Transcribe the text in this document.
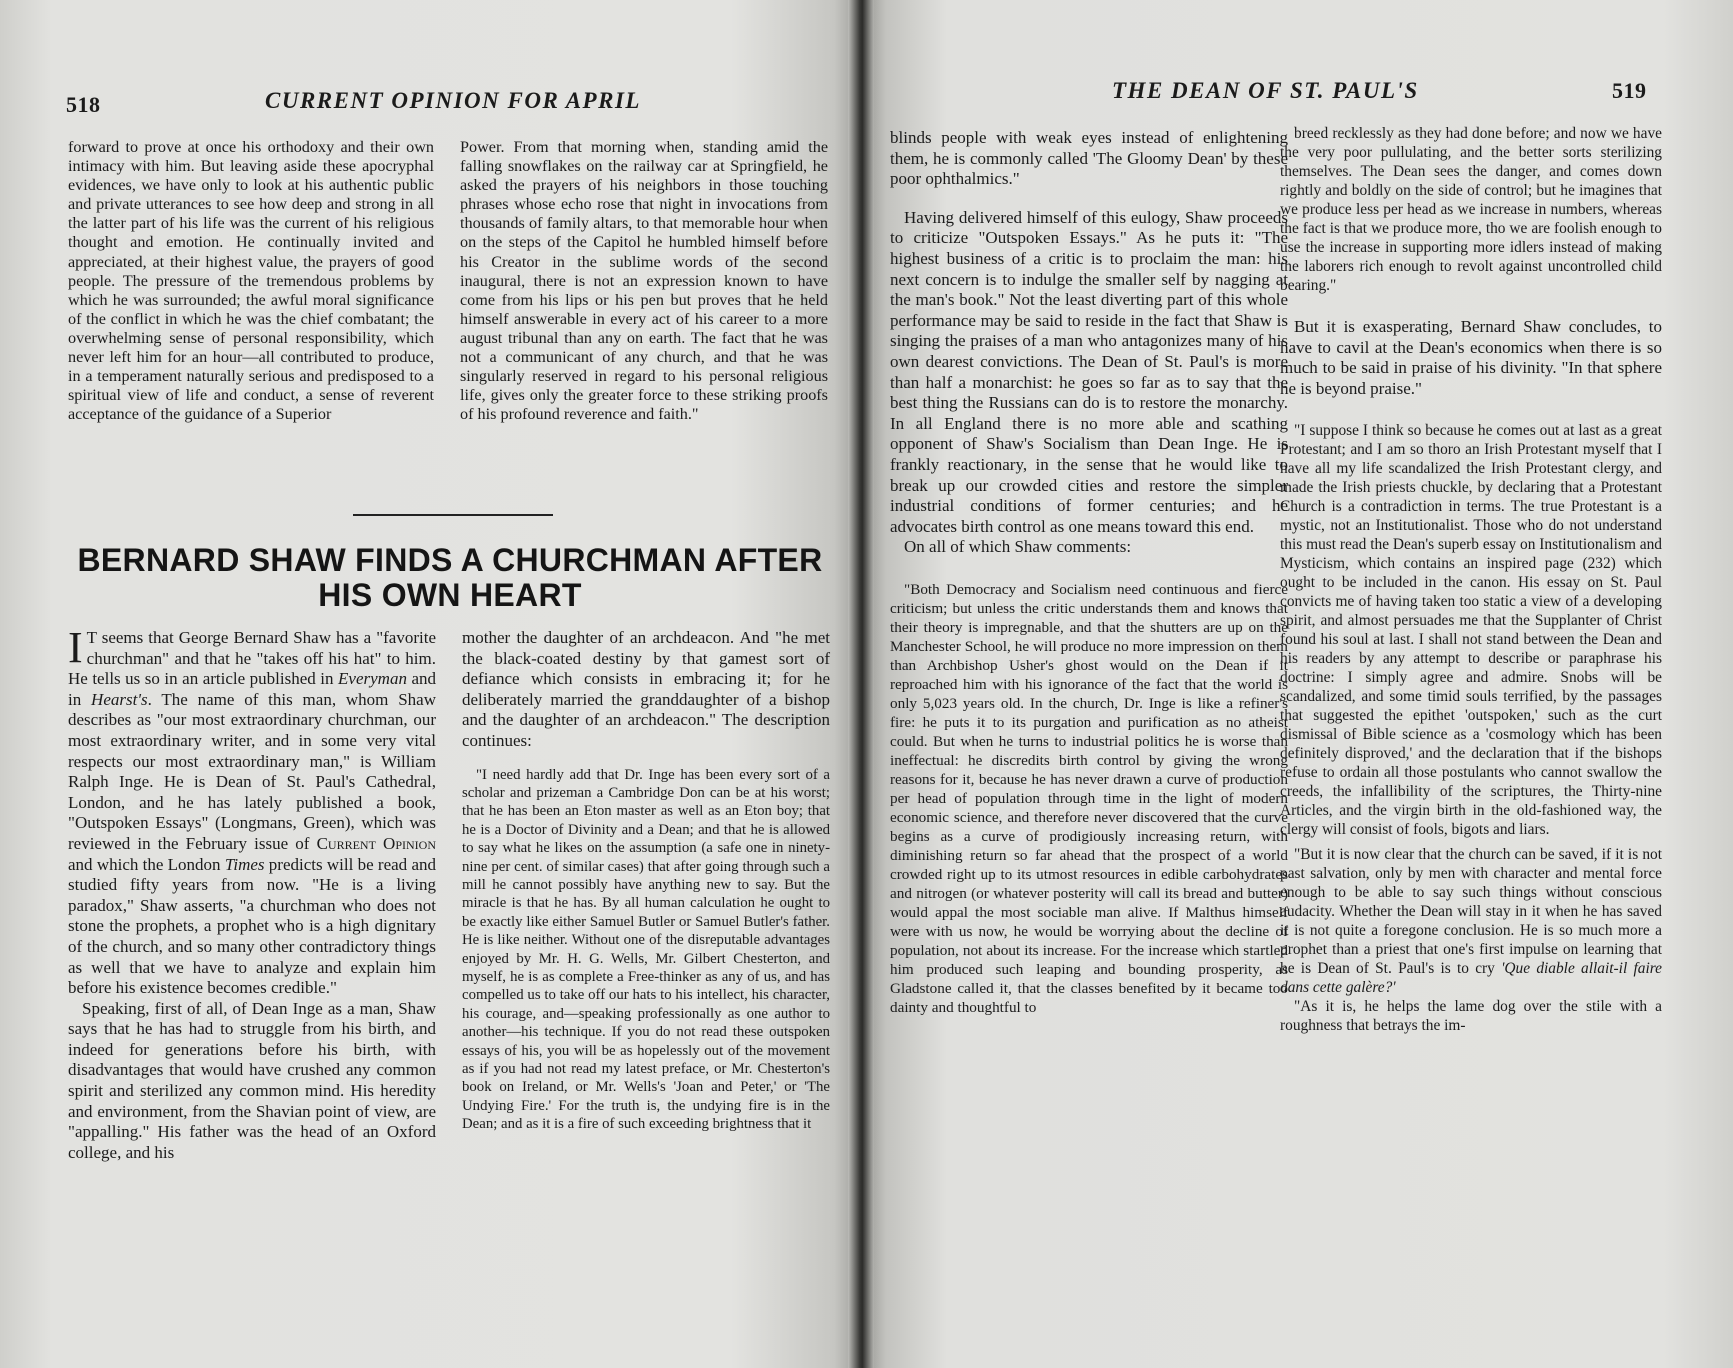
518	CURRENT OPINION FOR APRIL

forward to prove at once his orthodoxy and their own intimacy with him. But leaving aside these apocryphal evidences, we have only to look at his authentic public and private utterances to see how deep and strong in all the latter part of his life was the current of his religious thought and emotion. He continually invited and appreciated, at their highest value, the prayers of good people. The pressure of the tremendous problems by which he was surrounded; the awful moral significance of the conflict in which he was the chief combatant; the overwhelming sense of personal responsibility, which never left him for an hour—all contributed to produce, in a temperament naturally serious and predisposed to a spiritual view of life and conduct, a sense of reverent acceptance of the guidance of a Superior

Power. From that morning when, standing amid the falling snowflakes on the railway car at Springfield, he asked the prayers of his neighbors in those touching phrases whose echo rose that night in invocations from thousands of family altars, to that memorable hour when on the steps of the Capitol he humbled himself before his Creator in the sublime words of the second inaugural, there is not an expression known to have come from his lips or his pen but proves that he held himself answerable in every act of his career to a more august tribunal than any on earth. The fact that he was not a communicant of any church, and that he was singularly reserved in regard to his personal religious life, gives only the greater force to these striking proofs of his profound reverence and faith."

BERNARD SHAW FINDS A CHURCHMAN AFTER
HIS OWN HEART

I T seems that George Bernard Shaw has a "favorite churchman" and that he "takes off his hat" to him. He tells us so in an article published in Everyman and in Hearst's. The name of this man, whom Shaw describes as "our most extraordinary churchman, our most extraordinary writer, and in some very vital respects our most extraordinary man," is William Ralph Inge. He is Dean of St. Paul's Cathedral, London, and he has lately published a book, "Outspoken Essays" (Longmans, Green), which was reviewed in the February issue of Current Opinion and which the London Times predicts will be read and studied fifty years from now. "He is a living paradox," Shaw asserts, "a churchman who does not stone the prophets, a prophet who is a high dignitary of the church, and so many other contradictory things as well that we have to analyze and explain him before his existence becomes credible."

Speaking, first of all, of Dean Inge as a man, Shaw says that he has had to struggle from his birth, and indeed for generations before his birth, with disadvantages that would have crushed any common spirit and sterilized any common mind. His heredity and environment, from the Shavian point of view, are "appalling." His father was the head of an Oxford college, and his

mother the daughter of an archdeacon. And "he met the black-coated destiny by that gamest sort of defiance which consists in embracing it; for he deliberately married the granddaughter of a bishop and the daughter of an archdeacon." The description continues:

"I need hardly add that Dr. Inge has been every sort of a scholar and prizeman a Cambridge Don can be at his worst; that he has been an Eton master as well as an Eton boy; that he is a Doctor of Divinity and a Dean; and that he is allowed to say what he likes on the assumption (a safe one in ninety-nine per cent. of similar cases) that after going through such a mill he cannot possibly have anything new to say. But the miracle is that he has. By all human calculation he ought to be exactly like either Samuel Butler or Samuel Butler's father. He is like neither. Without one of the disreputable advantages enjoyed by Mr. H. G. Wells, Mr. Gilbert Chesterton, and myself, he is as complete a Free-thinker as any of us, and has compelled us to take off our hats to his intellect, his character, his courage, and—speaking professionally as one author to another—his technique. If you do not read these outspoken essays of his, you will be as hopelessly out of the movement as if you had not read my latest preface, or Mr. Chesterton's book on Ireland, or Mr. Wells's 'Joan and Peter,' or 'The Undying Fire.' For the truth is, the undying fire is in the Dean; and as it is a fire of such exceeding brightness that it

THE DEAN OF ST. PAUL'S	519

blinds people with weak eyes instead of enlightening them, he is commonly called 'The Gloomy Dean' by these poor ophthalmics."

Having delivered himself of this eulogy, Shaw proceeds to criticize "Outspoken Essays." As he puts it: "The highest business of a critic is to proclaim the man: his next concern is to indulge the smaller self by nagging at the man's book." Not the least diverting part of this whole performance may be said to reside in the fact that Shaw is singing the praises of a man who antagonizes many of his own dearest convictions. The Dean of St. Paul's is more than half a monarchist: he goes so far as to say that the best thing the Russians can do is to restore the monarchy. In all England there is no more able and scathing opponent of Shaw's Socialism than Dean Inge. He is frankly reactionary, in the sense that he would like to break up our crowded cities and restore the simpler industrial conditions of former centuries; and he advocates birth control as one means toward this end.

On all of which Shaw comments:

"Both Democracy and Socialism need continuous and fierce criticism; but unless the critic understands them and knows that their theory is impregnable, and that the shutters are up on the Manchester School, he will produce no more impression on them than Archbishop Usher's ghost would on the Dean if it reproached him with his ignorance of the fact that the world is only 5,023 years old. In the church, Dr. Inge is like a refiner's fire: he puts it to its purgation and purification as no atheist could. But when he turns to industrial politics he is worse than ineffectual: he discredits birth control by giving the wrong reasons for it, because he has never drawn a curve of production per head of population through time in the light of modern economic science, and therefore never discovered that the curve begins as a curve of prodigiously increasing return, with diminishing return so far ahead that the prospect of a world crowded right up to its utmost resources in edible carbohydrates and nitrogen (or whatever posterity will call its bread and butter) would appal the most sociable man alive. If Malthus himself were with us now, he would be worrying about the decline of population, not about its increase. For the increase which startled him produced such leaping and bounding prosperity, as Gladstone called it, that the classes benefited by it became too dainty and thoughtful to

breed recklessly as they had done before; and now we have the very poor pullulating, and the better sorts sterilizing themselves. The Dean sees the danger, and comes down rightly and boldly on the side of control; but he imagines that we produce less per head as we increase in numbers, whereas the fact is that we produce more, tho we are foolish enough to use the increase in supporting more idlers instead of making the laborers rich enough to revolt against uncontrolled child bearing."

But it is exasperating, Bernard Shaw concludes, to have to cavil at the Dean's economics when there is so much to be said in praise of his divinity. "In that sphere he is beyond praise."

"I suppose I think so because he comes out at last as a great Protestant; and I am so thoro an Irish Protestant myself that I have all my life scandalized the Irish Protestant clergy, and made the Irish priests chuckle, by declaring that a Protestant Church is a contradiction in terms. The true Protestant is a mystic, not an Institutionalist. Those who do not understand this must read the Dean's superb essay on Institutionalism and Mysticism, which contains an inspired page (232) which ought to be included in the canon. His essay on St. Paul convicts me of having taken too static a view of a developing spirit, and almost persuades me that the Supplanter of Christ found his soul at last. I shall not stand between the Dean and his readers by any attempt to describe or paraphrase his doctrine: I simply agree and admire. Snobs will be scandalized, and some timid souls terrified, by the passages that suggested the epithet 'outspoken,' such as the curt dismissal of Bible science as a 'cosmology which has been definitely disproved,' and the declaration that if the bishops refuse to ordain all those postulants who cannot swallow the creeds, the infallibility of the scriptures, the Thirty-nine Articles, and the virgin birth in the old-fashioned way, the clergy will consist of fools, bigots and liars.

"But it is now clear that the church can be saved, if it is not past salvation, only by men with character and mental force enough to be able to say such things without conscious audacity. Whether the Dean will stay in it when he has saved it is not quite a foregone conclusion. He is so much more a prophet than a priest that one's first impulse on learning that he is Dean of St. Paul's is to cry 'Que diable allait-il faire dans cette galère?'

"As it is, he helps the lame dog over the stile with a roughness that betrays the im-
